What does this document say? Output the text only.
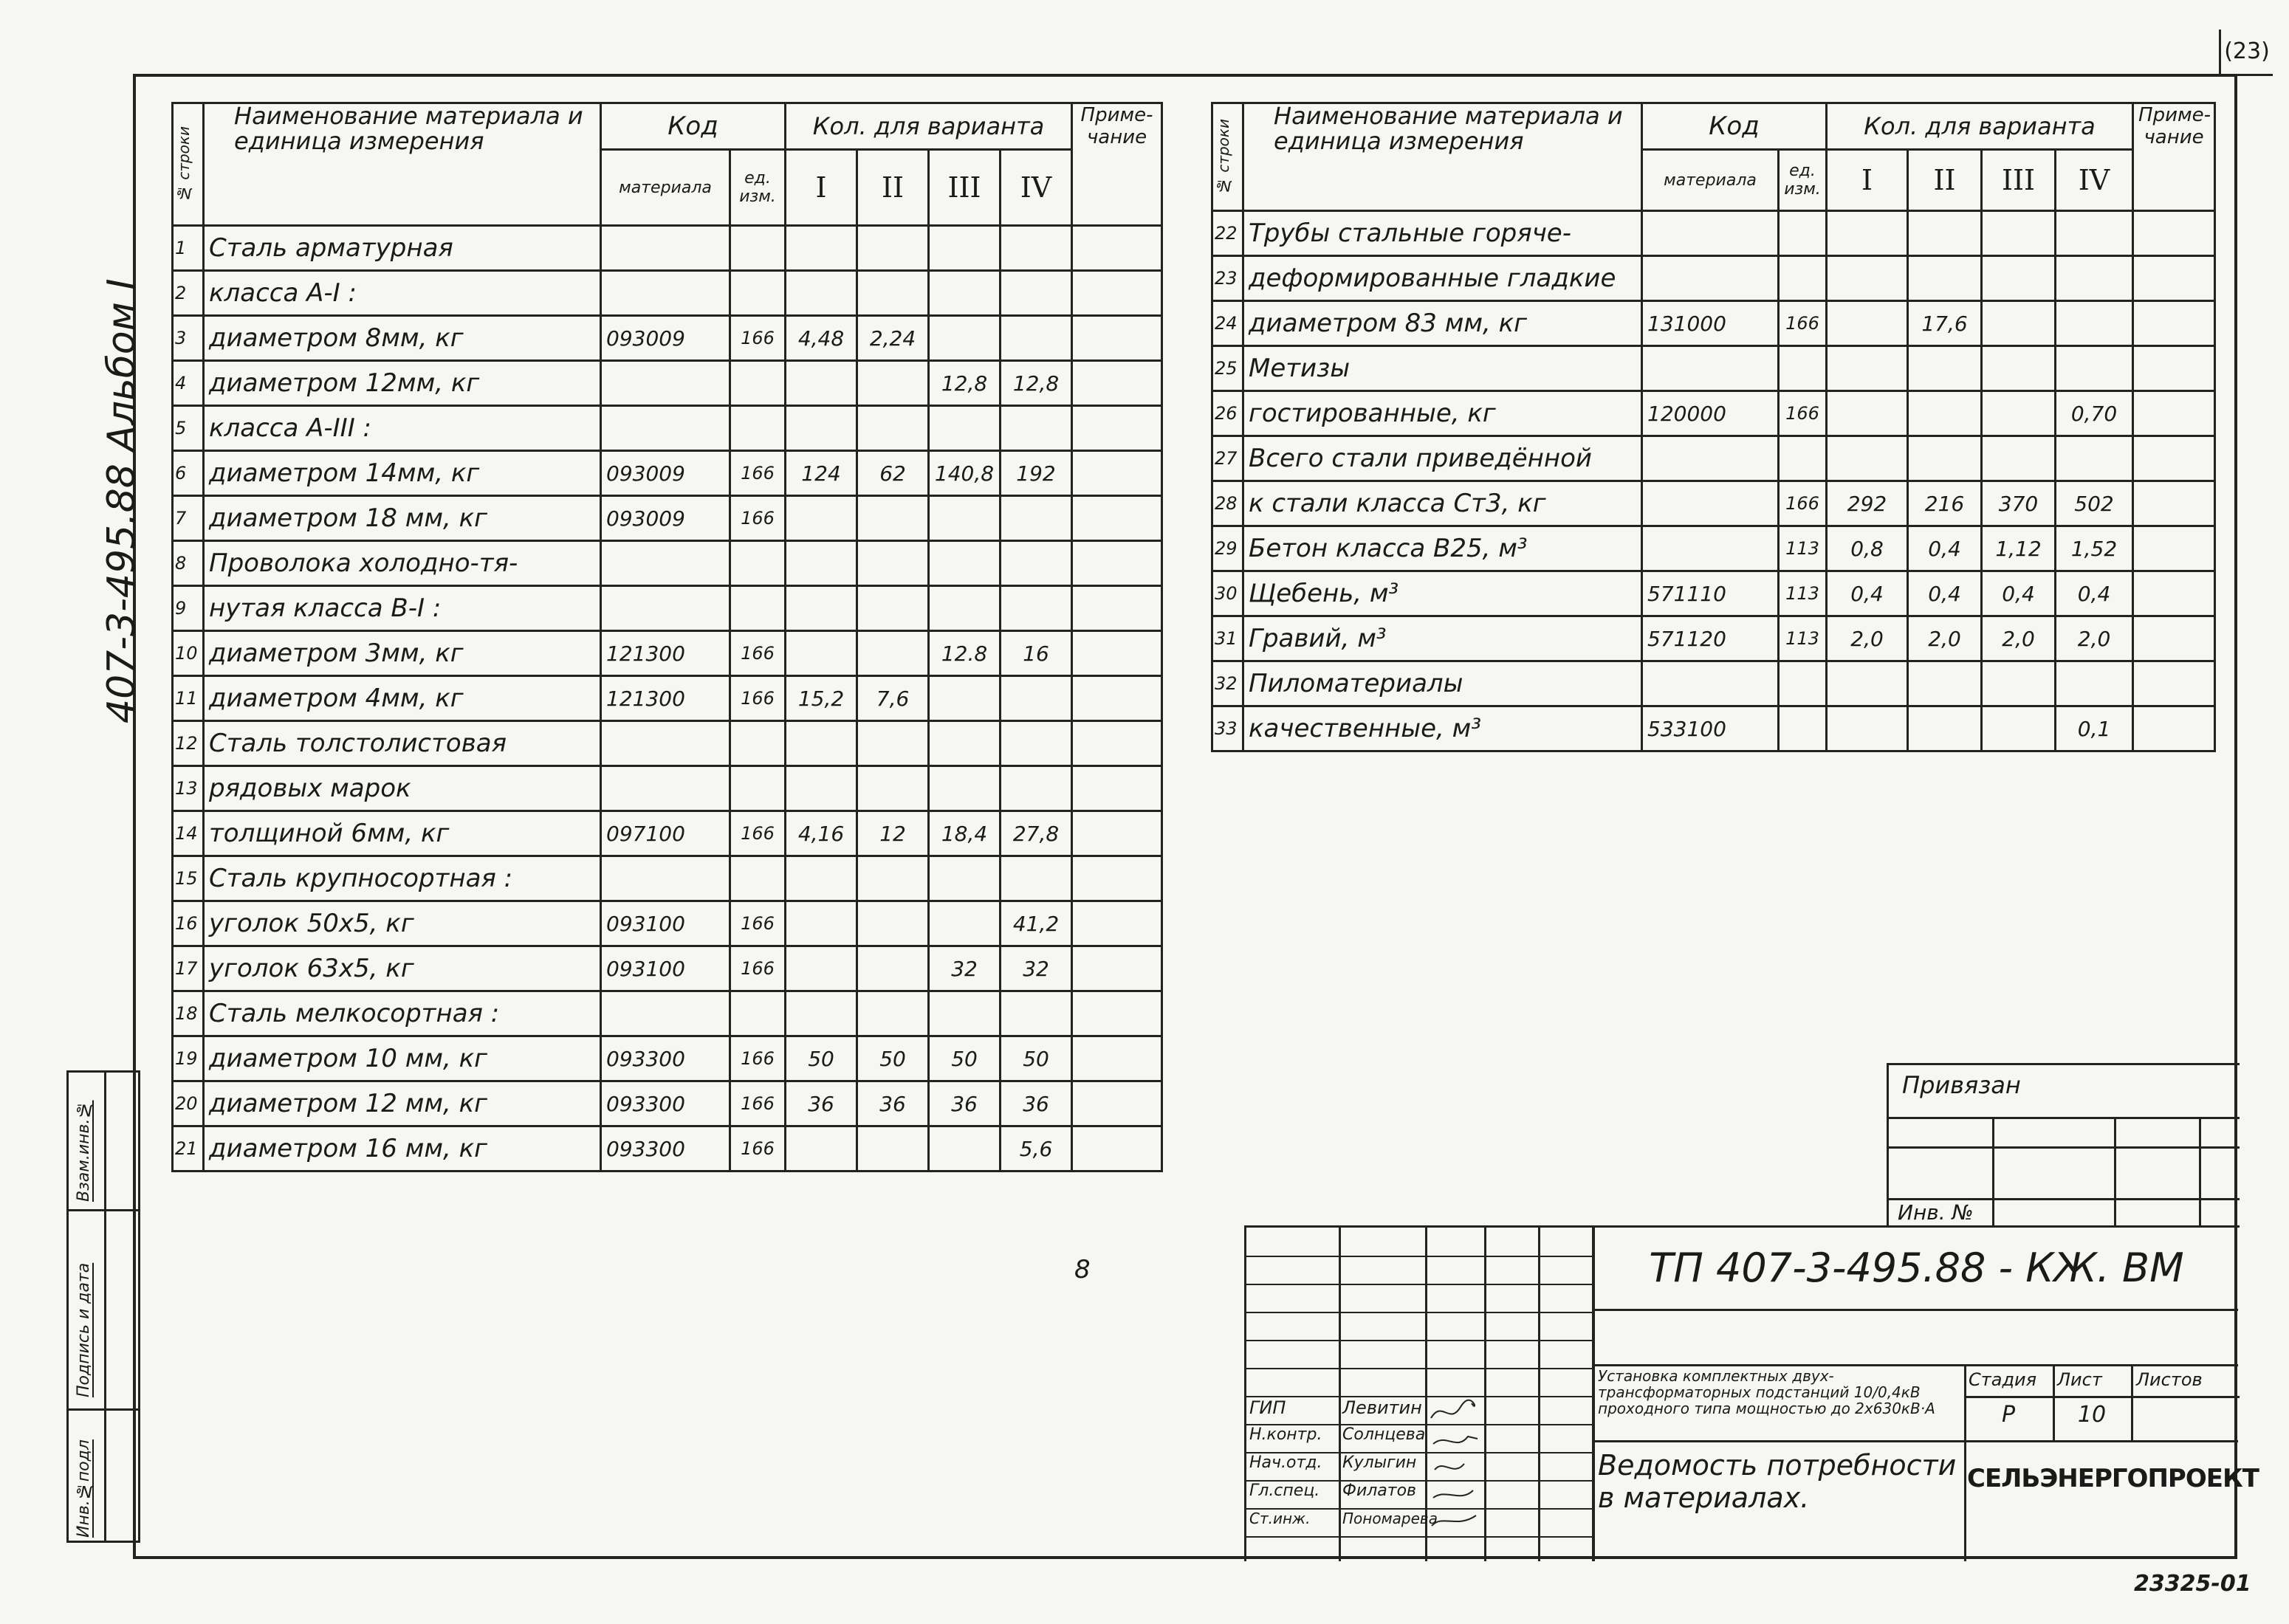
(23)
407-3-495.88 Альбом I
Взам.инв.№
Подпись и дата
Инв.№подл
№ строки	Наименование материала и единица измерения	Код		Кол. для варианта				Приме- чание
		материала	ед. изм.	I	II	III	IV	
1	Сталь арматурная							
2	класса А-I :							
3	диаметром 8мм, кг	093009	166	4,48	2,24			
4	диаметром 12мм, кг					12,8	12,8	
5	класса А-III :							
6	диаметром 14мм, кг	093009	166	124	62	140,8	192	
7	диаметром 18 мм, кг	093009	166					
8	Проволока холодно-тя-							
9	нутая класса В-I :							
10	диаметром 3мм, кг	121300	166			12.8	16	
11	диаметром 4мм, кг	121300	166	15,2	7,6			
12	Сталь толстолистовая							
13	рядовых марок							
14	толщиной 6мм, кг	097100	166	4,16	12	18,4	27,8	
15	Сталь крупносортная :							
16	уголок 50х5, кг	093100	166				41,2	
17	уголок 63х5, кг	093100	166			32	32	
18	Сталь мелкосортная :							
19	диаметром 10 мм, кг	093300	166	50	50	50	50	
20	диаметром 12 мм, кг	093300	166	36	36	36	36	
21	диаметром 16 мм, кг	093300	166				5,6	
№ строки	Наименование материала и единица измерения	Код		Кол. для варианта				Приме- чание
		материала	ед. изм.	I	II	III	IV	
22	Трубы стальные горяче-							
23	деформированные гладкие							
24	диаметром 83 мм, кг	131000	166		17,6			
25	Метизы							
26	гостированные, кг	120000	166				0,70	
27	Всего стали приведённой							
28	к стали класса Ст3, кг		166	292	216	370	502	
29	Бетон класса В25, м³		113	0,8	0,4	1,12	1,52	
30	Щебень, м³	571110	113	0,4	0,4	0,4	0,4	
31	Гравий, м³	571120	113	2,0	2,0	2,0	2,0	
32	Пиломатериалы							
33	качественные, м³	533100					0,1	
8
Привязан
Инв. №
ГИП	Левитин
Н.контр. Солнцева
Нач.отд. Кулыгин
Гл.спец. Филатов
Ст.инж. Пономарева
ТП 407-3-495.88 - КЖ. ВМ
Установка комплектных двух-трансформаторных подстанций 10/0,4кВ проходного типа мощностью до 2х630кВ·А
Ведомость потребности в материалах.
Стадия Лист Листов
Р	10
СЕЛЬЭНЕРГОПРОЕКТ
23325-01
